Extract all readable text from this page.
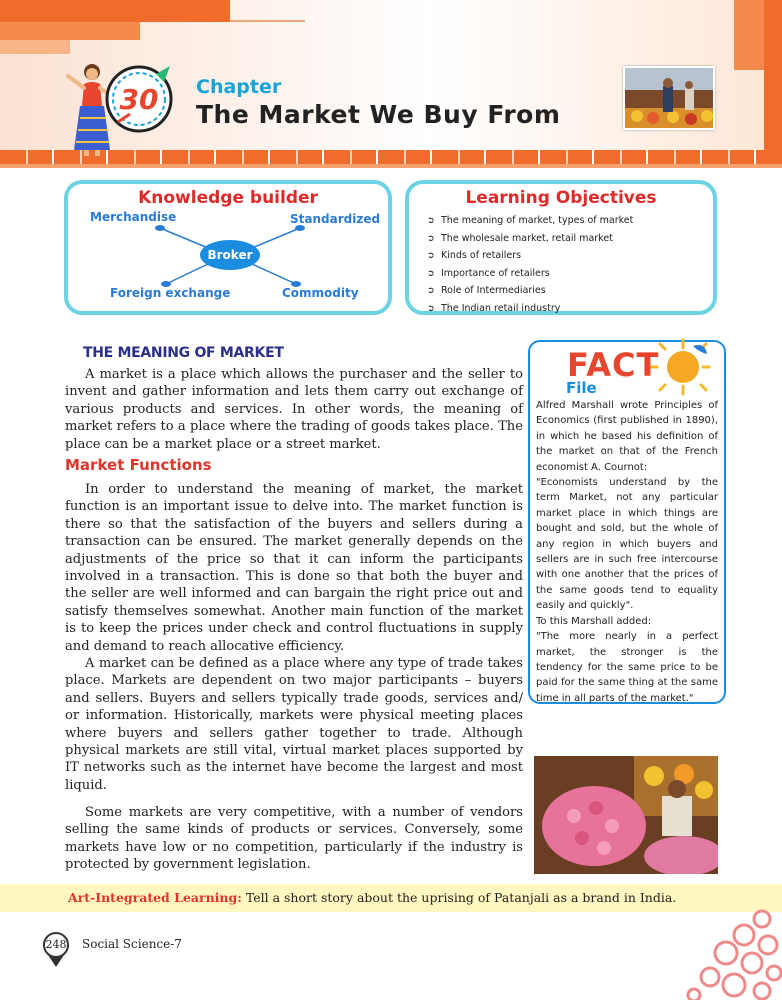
30 Chapter
The Market We Buy From
Knowledge builder
Merchandise	Standardized
Broker
Foreign exchange	Commodity
Learning Objectives
➲ The meaning of market, types of market
➲ The wholesale market, retail market
➲ Kinds of retailers
➲ Importance of retailers
➲ Role of Intermediaries
➲ The Indian retail industry
THE MEANING OF MARKET

A market is a place which allows the purchaser and the seller to invent and gather information and lets them carry out exchange of various products and services. In other words, the meaning of market refers to a place where the trading of goods takes place. The place can be a market place or a street market.

Market Functions

In order to understand the meaning of market, the market function is an important issue to delve into. The market function is there so that the satisfaction of the buyers and sellers during a transaction can be ensured. The market generally depends on the adjustments of the price so that it can inform the participants involved in a transaction. This is done so that both the buyer and the seller are well informed and can bargain the right price out and satisfy themselves somewhat. Another main function of the market is to keep the prices under check and control fluctuations in supply and demand to reach allocative efficiency.

A market can be defined as a place where any type of trade takes place. Markets are dependent on two major participants – buyers and sellers. Buyers and sellers typically trade goods, services and/ or information. Historically, markets were physical meeting places where buyers and sellers gather together to trade. Although physical markets are still vital, virtual market places supported by IT networks such as the internet have become the largest and most liquid.

Some markets are very competitive, with a number of vendors selling the same kinds of products or services. Conversely, some markets have low or no competition, particularly if the industry is protected by government legislation.

FACT
File

Alfred Marshall wrote Principles of Economics (first published in 1890), in which he based his definition of the market on that of the French economist A. Cournot:

"Economists understand by the term Market, not any particular market place in which things are bought and sold, but the whole of any region in which buyers and sellers are in such free intercourse with one another that the prices of the same goods tend to equality easily and quickly".

To this Marshall added:

"The more nearly in a perfect market, the stronger is the tendency for the same price to be paid for the same thing at the same time in all parts of the market."

Art-Integrated Learning: Tell a short story about the uprising of Patanjali as a brand in India.
248 Social Science-7
